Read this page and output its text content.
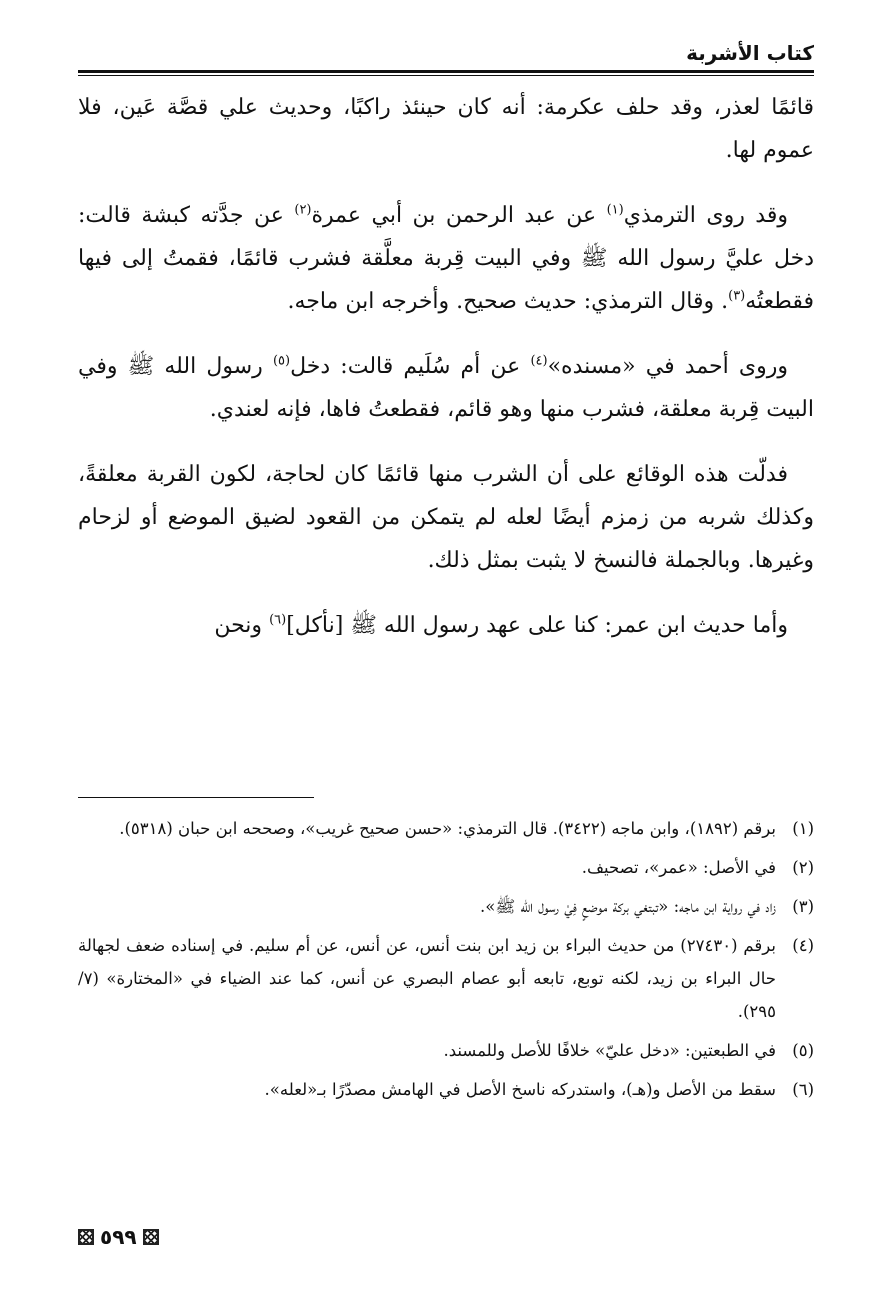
كتاب الأشربة

قائمًا لعذر، وقد حلف عكرمة: أنه كان حينئذ راكبًا، وحديث علي قصَّة عَين، فلا عموم لها.

وقد روى الترمذي$^{(١)}$ عن عبد الرحمن بن أبي عمرة$^{(٢)}$ عن جدَّته كبشة قالت: دخل عليَّ رسول الله ﷺ وفي البيت قِربة معلَّقة فشرب قائمًا، فقمتُ إلى فيها فقطعتُه$^{(٣)}$. وقال الترمذي: حديث صحيح. وأخرجه ابن ماجه.

وروى أحمد في «مسنده»$^{(٤)}$ عن أم سُلَيم قالت: دخل$^{(٥)}$ رسول الله ﷺ وفي البيت قِربة معلقة، فشرب منها وهو قائم، فقطعتُ فاها، فإنه لعندي.

فدلّت هذه الوقائع على أن الشرب منها قائمًا كان لحاجة، لكون القربة معلقةً، وكذلك شربه من زمزم أيضًا لعله لم يتمكن من القعود لضيق الموضع أو لزحام وغيرها. وبالجملة فالنسخ لا يثبت بمثل ذلك.

وأما حديث ابن عمر: كنا على عهد رسول الله ﷺ [نأكل]$^{(٦)}$ ونحن

(١)
برقم (١٨٩٢)، وابن ماجه (٣٤٢٢). قال الترمذي: «حسن صحيح غريب»، وصححه ابن حبان (٥٣١٨).
(٢)
في الأصل: «عمر»، تصحيف.
(٣)
زاد في رواية ابن ماجه: «تبتغي بركة موضعٍ فِيْ رسول الله ﷺ».
(٤)
برقم (٢٧٤٣٠) من حديث البراء بن زيد ابن بنت أنس، عن أنس، عن أم سليم. في إسناده ضعف لجهالة حال البراء بن زيد، لكنه توبع، تابعه أبو عصام البصري عن أنس، كما عند الضياء في «المختارة» (٧/ ٢٩٥).
(٥)
في الطبعتين: «دخل عليّ» خلافًا للأصل وللمسند.
(٦)
سقط من الأصل و(هـ)، واستدركه ناسخ الأصل في الهامش مصدّرًا بـ«لعله».
٥٩٩
